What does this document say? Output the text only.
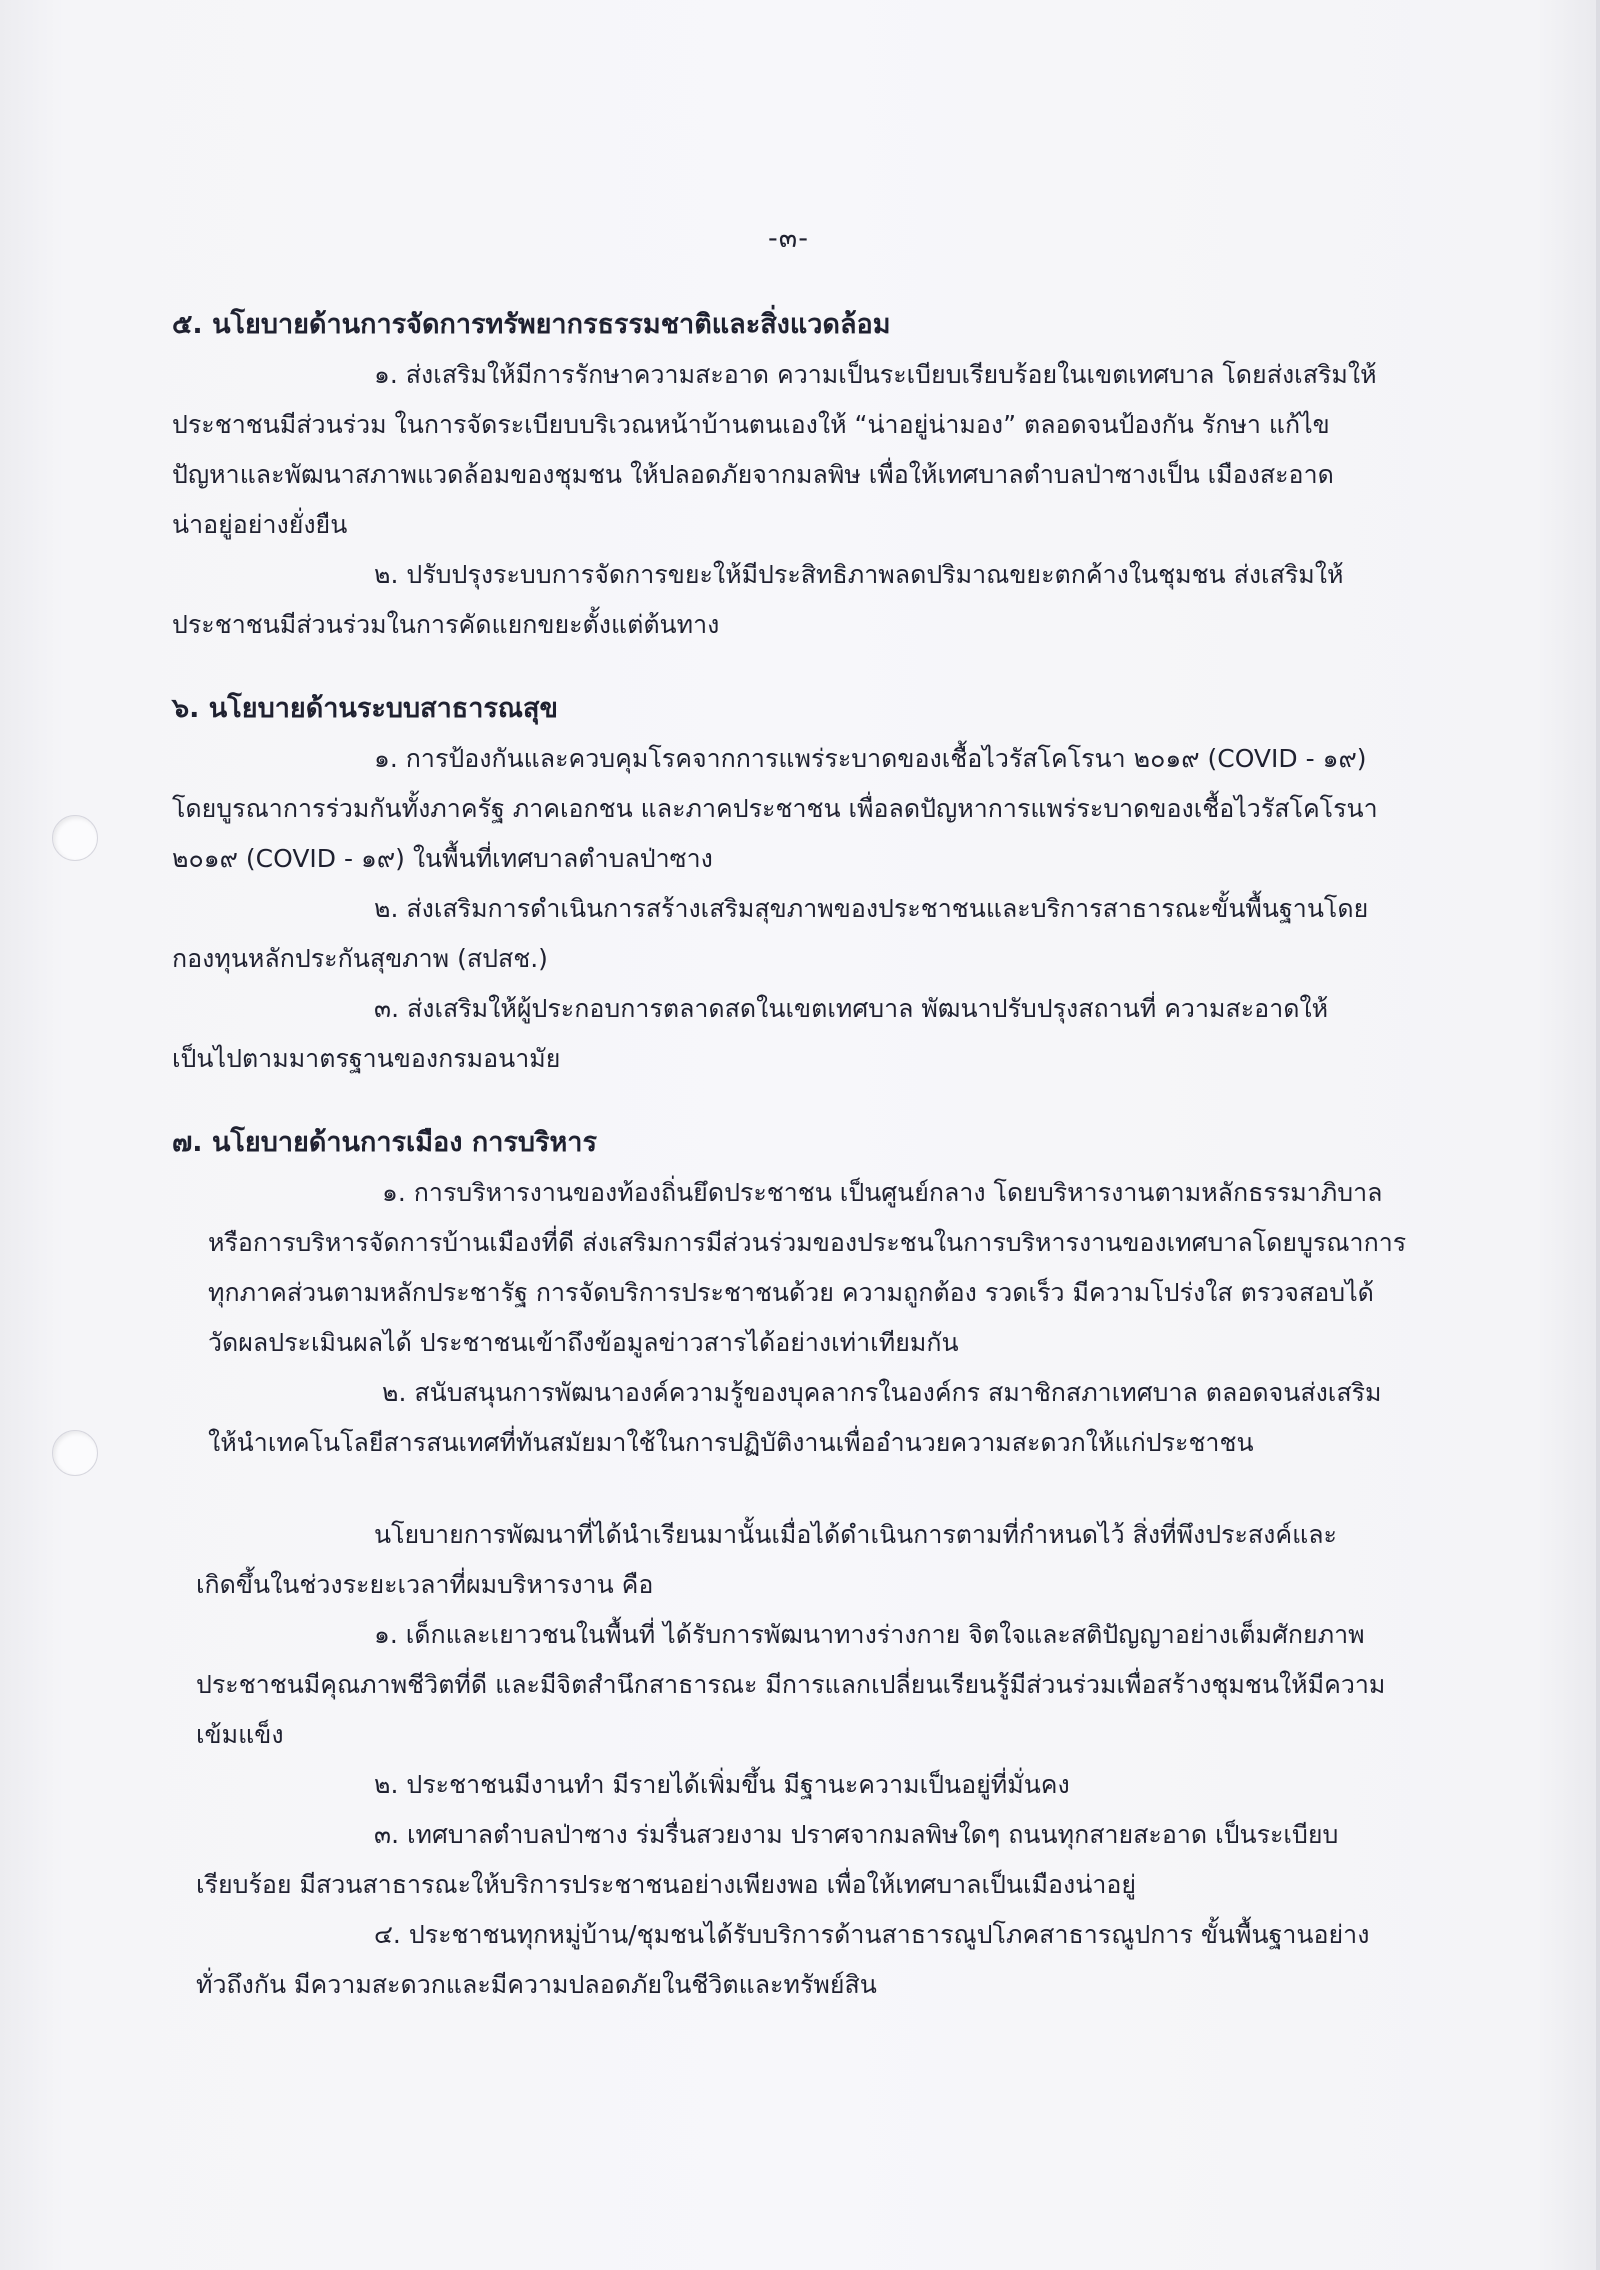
-๓-
๕. นโยบายด้านการจัดการทรัพยากรธรรมชาติและสิ่งแวดล้อม
๑. ส่งเสริมให้มีการรักษาความสะอาด ความเป็นระเบียบเรียบร้อยในเขตเทศบาล โดยส่งเสริมให้
ประชาชนมีส่วนร่วม ในการจัดระเบียบบริเวณหน้าบ้านตนเองให้ “น่าอยู่น่ามอง” ตลอดจนป้องกัน รักษา แก้ไข
ปัญหาและพัฒนาสภาพแวดล้อมของชุมชน ให้ปลอดภัยจากมลพิษ เพื่อให้เทศบาลตำบลป่าซางเป็น เมืองสะอาด
น่าอยู่อย่างยั่งยืน
๒. ปรับปรุงระบบการจัดการขยะให้มีประสิทธิภาพลดปริมาณขยะตกค้างในชุมชน ส่งเสริมให้
ประชาชนมีส่วนร่วมในการคัดแยกขยะตั้งแต่ต้นทาง
๖. นโยบายด้านระบบสาธารณสุข
๑. การป้องกันและควบคุมโรคจากการแพร่ระบาดของเชื้อไวรัสโคโรนา ๒๐๑๙ (COVID - ๑๙)
โดยบูรณาการร่วมกันทั้งภาครัฐ ภาคเอกชน และภาคประชาชน เพื่อลดปัญหาการแพร่ระบาดของเชื้อไวรัสโคโรนา
๒๐๑๙ (COVID - ๑๙) ในพื้นที่เทศบาลตำบลป่าซาง
๒. ส่งเสริมการดำเนินการสร้างเสริมสุขภาพของประชาชนและบริการสาธารณะขั้นพื้นฐานโดย
กองทุนหลักประกันสุขภาพ (สปสช.)
๓. ส่งเสริมให้ผู้ประกอบการตลาดสดในเขตเทศบาล พัฒนาปรับปรุงสถานที่ ความสะอาดให้
เป็นไปตามมาตรฐานของกรมอนามัย
๗. นโยบายด้านการเมือง การบริหาร
๑. การบริหารงานของท้องถิ่นยึดประชาชน เป็นศูนย์กลาง โดยบริหารงานตามหลักธรรมาภิบาล
หรือการบริหารจัดการบ้านเมืองที่ดี ส่งเสริมการมีส่วนร่วมของประชนในการบริหารงานของเทศบาลโดยบูรณาการ
ทุกภาคส่วนตามหลักประชารัฐ การจัดบริการประชาชนด้วย ความถูกต้อง รวดเร็ว มีความโปร่งใส ตรวจสอบได้
วัดผลประเมินผลได้ ประชาชนเข้าถึงข้อมูลข่าวสารได้อย่างเท่าเทียมกัน
๒. สนับสนุนการพัฒนาองค์ความรู้ของบุคลากรในองค์กร สมาชิกสภาเทศบาล ตลอดจนส่งเสริม
ให้นำเทคโนโลยีสารสนเทศที่ทันสมัยมาใช้ในการปฏิบัติงานเพื่ออำนวยความสะดวกให้แก่ประชาชน
นโยบายการพัฒนาที่ได้นำเรียนมานั้นเมื่อได้ดำเนินการตามที่กำหนดไว้ สิ่งที่พึงประสงค์และ
เกิดขึ้นในช่วงระยะเวลาที่ผมบริหารงาน คือ
๑. เด็กและเยาวชนในพื้นที่ ได้รับการพัฒนาทางร่างกาย จิตใจและสติปัญญาอย่างเต็มศักยภาพ
ประชาชนมีคุณภาพชีวิตที่ดี และมีจิตสำนึกสาธารณะ มีการแลกเปลี่ยนเรียนรู้มีส่วนร่วมเพื่อสร้างชุมชนให้มีความ
เข้มแข็ง
๒. ประชาชนมีงานทำ มีรายได้เพิ่มขึ้น มีฐานะความเป็นอยู่ที่มั่นคง
๓. เทศบาลตำบลป่าซาง ร่มรื่นสวยงาม ปราศจากมลพิษใดๆ ถนนทุกสายสะอาด เป็นระเบียบ
เรียบร้อย มีสวนสาธารณะให้บริการประชาชนอย่างเพียงพอ เพื่อให้เทศบาลเป็นเมืองน่าอยู่
๔. ประชาชนทุกหมู่บ้าน/ชุมชนได้รับบริการด้านสาธารณูปโภคสาธารณูปการ ขั้นพื้นฐานอย่าง
ทั่วถึงกัน มีความสะดวกและมีความปลอดภัยในชีวิตและทรัพย์สิน
